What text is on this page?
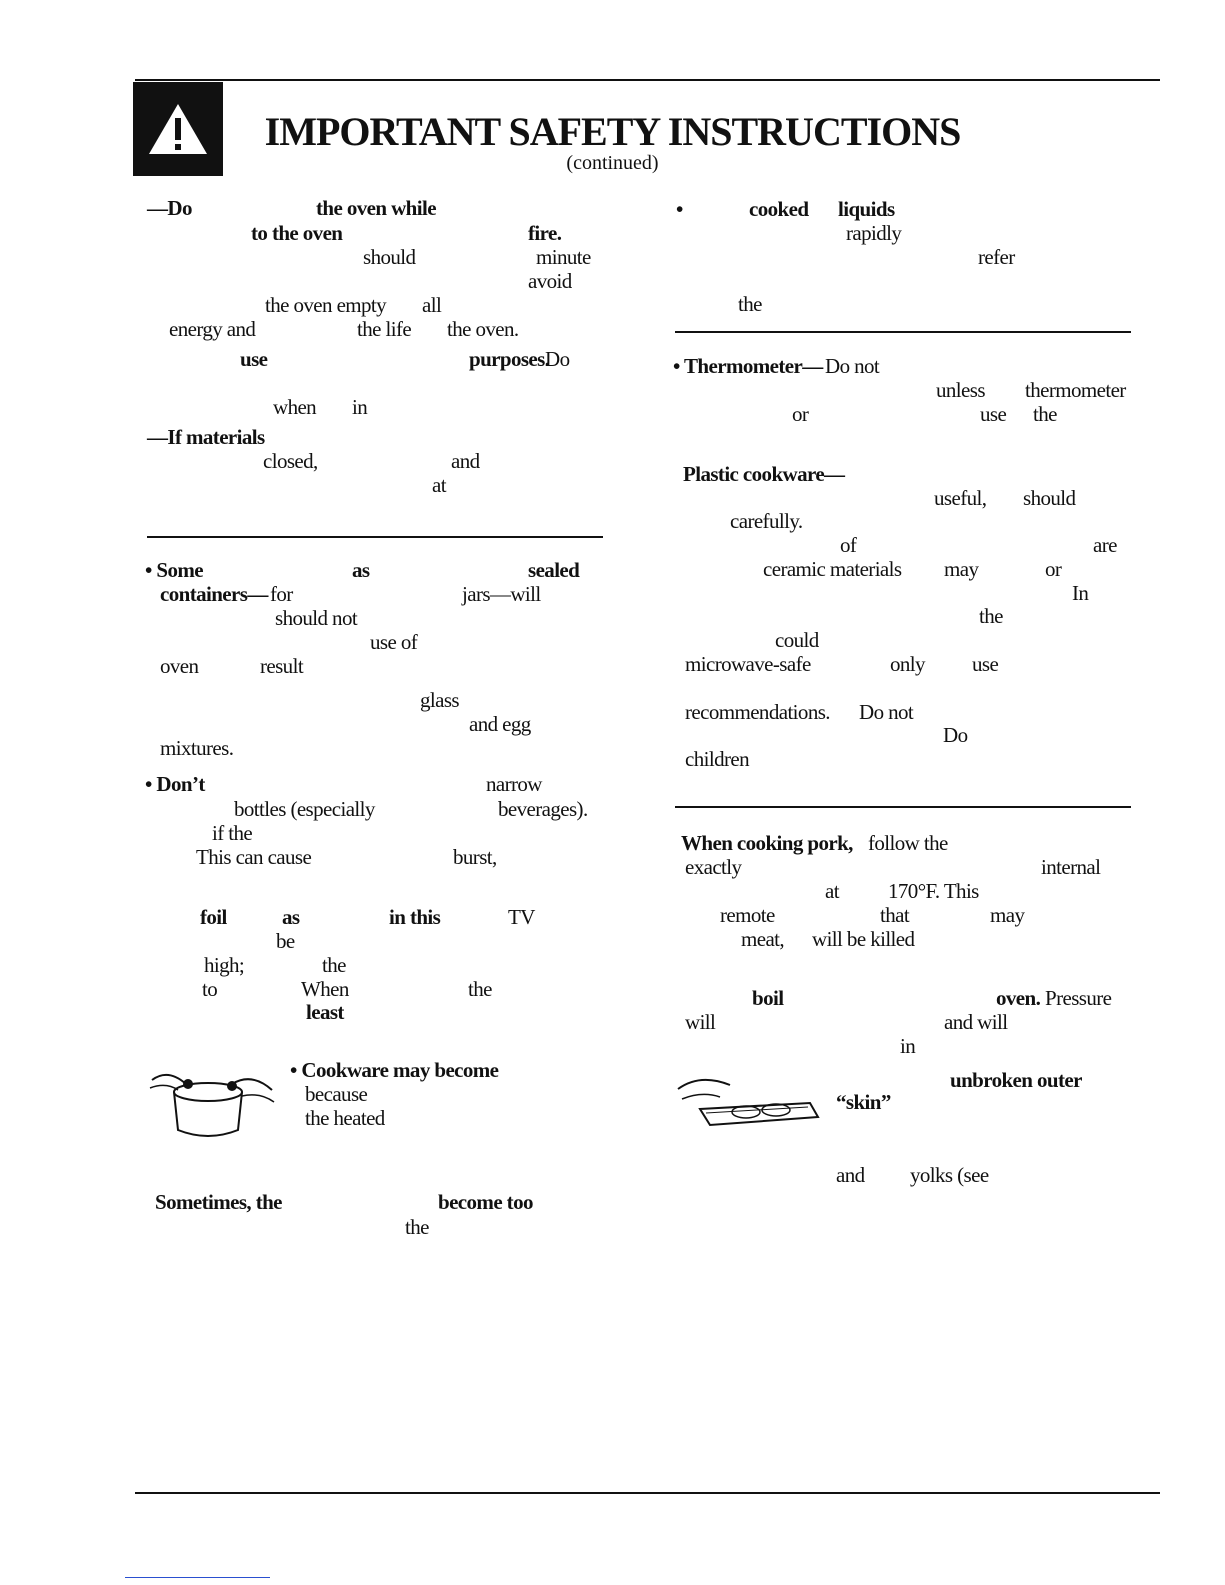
IMPORTANT SAFETY INSTRUCTIONS
(continued)
—Do	the oven while
to the oven	fire.
should	minute
avoid
the oven empty all
energy and	the life the oven.
use	purposes.
Do
when in
—If materials
closed,	and
at
• Some	as	sealed
containers— for	jars—will
should not
use of
oven	result
glass
and egg
mixtures.
• Don’t	narrow
bottles (especially	beverages).
if the
This can cause	burst,
foil	as	in this	TV
be
high;	the
to	When	the
least
• Cookware may become
because
the heated
Sometimes, the	become too
the
•	cooked liquids
rapidly
refer
the
• Thermometer— Do not
unless thermometer
or	use the
Plastic cookware—
useful, should
carefully.
of	are
ceramic materials may	or
In
the
could
microwave-safe	only use
recommendations. Do not
Do
children
When cooking pork, follow the
exactly	internal
at 170°F. This
remote	that	may
meat, will be killed
boil	oven. Pressure
will	and will
in
unbroken outer
“skin”
and yolks (see
